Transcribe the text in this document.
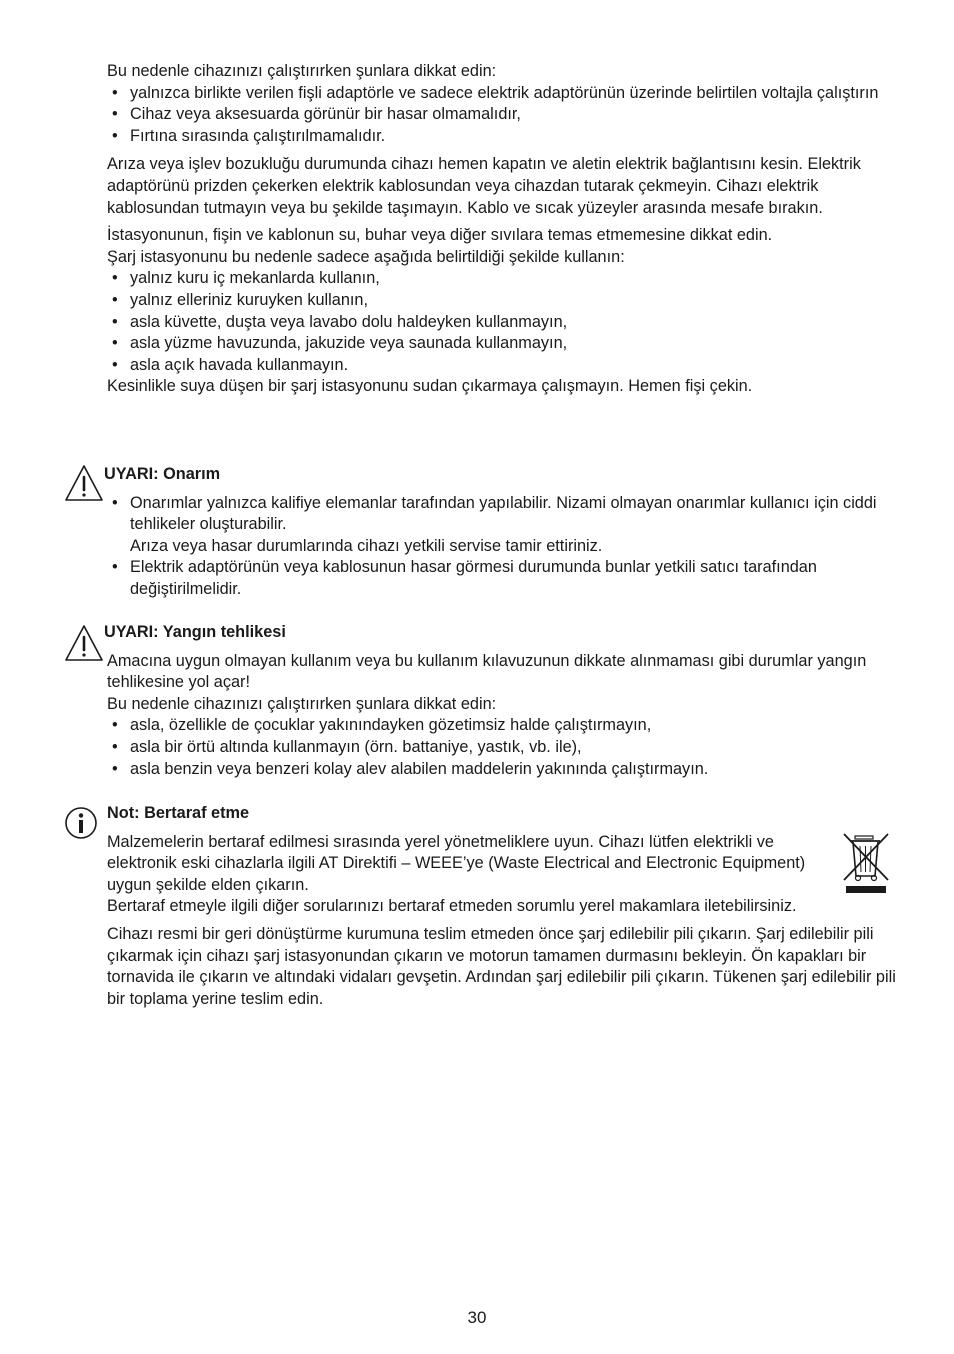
Bu nedenle cihazınızı çalıştırırken şunlara dikkat edin:

• yalnızca birlikte verilen fişli adaptörle ve sadece elektrik adaptörünün üzerinde belirtilen voltajla çalıştırın
• Cihaz veya aksesuarda görünür bir hasar olmamalıdır,
• Fırtına sırasında çalıştırılmamalıdır.

Arıza veya işlev bozukluğu durumunda cihazı hemen kapatın ve aletin elektrik bağlantısını kesin. Elektrik adaptörünü prizden çekerken elektrik kablosundan veya cihazdan tutarak çekmeyin. Cihazı elektrik kablosundan tutmayın veya bu şekilde taşımayın. Kablo ve sıcak yüzeyler arasında mesafe bırakın.

İstasyonunun, fişin ve kablonun su, buhar veya diğer sıvılara temas etmemesine dikkat edin.

Şarj istasyonunu bu nedenle sadece aşağıda belirtildiği şekilde kullanın:

• yalnız kuru iç mekanlarda kullanın,
• yalnız elleriniz kuruyken kullanın,
• asla küvette, duşta veya lavabo dolu haldeyken kullanmayın,
• asla yüzme havuzunda, jakuzide veya saunada kullanmayın,
• asla açık havada kullanmayın.

Kesinlikle suya düşen bir şarj istasyonunu sudan çıkarmaya çalışmayın. Hemen fişi çekin.

UYARI: Onarım

• Onarımlar yalnızca kalifiye elemanlar tarafından yapılabilir. Nizami olmayan onarımlar kullanıcı için ciddi tehlikeler oluşturabilir.
Arıza veya hasar durumlarında cihazı yetkili servise tamir ettiriniz.
• Elektrik adaptörünün veya kablosunun hasar görmesi durumunda bunlar yetkili satıcı tarafından değiştirilmelidir.

UYARI: Yangın tehlikesi

Amacına uygun olmayan kullanım veya bu kullanım kılavuzunun dikkate alınmaması gibi durumlar yangın tehlikesine yol açar!

Bu nedenle cihazınızı çalıştırırken şunlara dikkat edin:

• asla, özellikle de çocuklar yakınındayken gözetimsiz halde çalıştırmayın,
• asla bir örtü altında kullanmayın (örn. battaniye, yastık, vb. ile),
• asla benzin veya benzeri kolay alev alabilen maddelerin yakınında çalıştırmayın.

Not: Bertaraf etme

Malzemelerin bertaraf edilmesi sırasında yerel yönetmeliklere uyun. Cihazı lütfen elektrikli ve elektronik eski cihazlarla ilgili AT Direktifi – WEEE’ye (Waste Electrical and Electronic Equipment) uygun şekilde elden çıkarın.

Bertaraf etmeyle ilgili diğer sorularınızı bertaraf etmeden sorumlu yerel makamlara iletebilirsiniz.

Cihazı resmi bir geri dönüştürme kurumuna teslim etmeden önce şarj edilebilir pili çıkarın. Şarj edilebilir pili çıkarmak için cihazı şarj istasyonundan çıkarın ve motorun tamamen durmasını bekleyin. Ön kapakları bir tornavida ile çıkarın ve altındaki vidaları gevşetin. Ardından şarj edilebilir pili çıkarın. Tükenen şarj edilebilir pili bir toplama yerine teslim edin.

30
